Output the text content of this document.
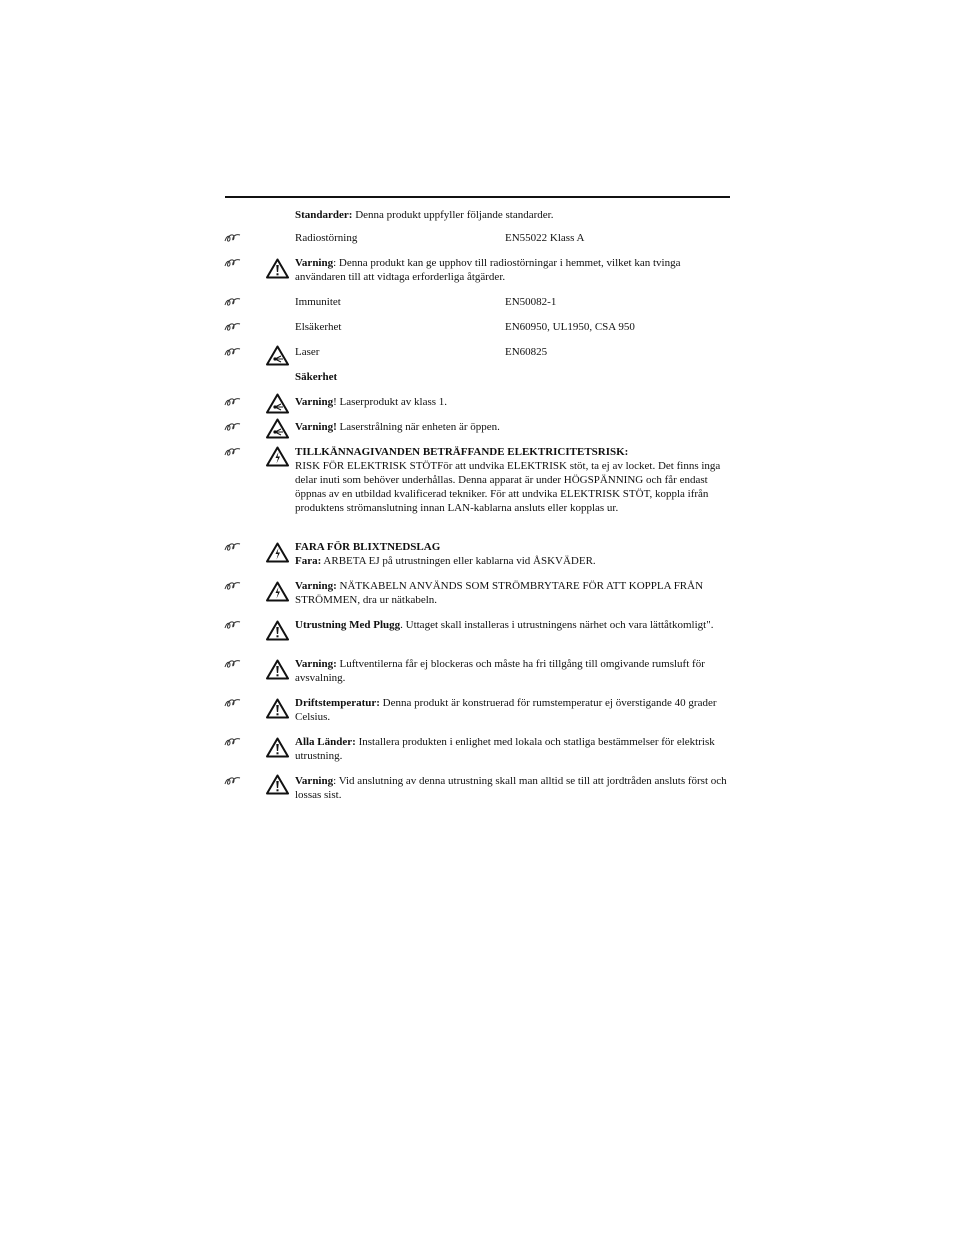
Standarder: Denna produkt uppfyller följande standarder.
Radiostörning	EN55022 Klass A
Varning: Denna produkt kan ge upphov till radiostörningar i hemmet, vilket kan tvinga användaren till att vidtaga erforderliga åtgärder.
Immunitet	EN50082-1
Elsäkerhet	EN60950, UL1950, CSA 950
Laser	EN60825
Säkerhet
Varning! Laserprodukt av klass 1.
Varning! Laserstrålning när enheten är öppen.
TILLKÄNNAGIVANDEN BETRÄFFANDE ELEKTRICITETSRISK:
RISK FÖR ELEKTRISK STÖTFör att undvika ELEKTRISK stöt, ta ej av locket. Det finns inga delar inuti som behöver underhållas. Denna apparat är under HÖGSPÄNNING och får endast öppnas av en utbildad kvalificerad tekniker. För att undvika ELEKTRISK STÖT, koppla ifrån produktens strömanslutning innan LAN-kablarna ansluts eller kopplas ur.
FARA FÖR BLIXTNEDSLAG
Fara: ARBETA EJ på utrustningen eller kablarna vid ÅSKVÄDER.
Varning: NÄTKABELN ANVÄNDS SOM STRÖMBRYTARE FÖR ATT KOPPLA FRÅN STRÖMMEN, dra ur nätkabeln.
Utrustning Med Plugg. Uttaget skall installeras i utrustningens närhet och vara lättåtkomligt".
Varning: Luftventilerna får ej blockeras och måste ha fri tillgång till omgivande rumsluft för avsvalning.
Driftstemperatur: Denna produkt är konstruerad för rumstemperatur ej överstigande 40 grader Celsius.
Alla Länder: Installera produkten i enlighet med lokala och statliga bestämmelser för elektrisk utrustning.
Varning: Vid anslutning av denna utrustning skall man alltid se till att jordtråden ansluts först och lossas sist.
